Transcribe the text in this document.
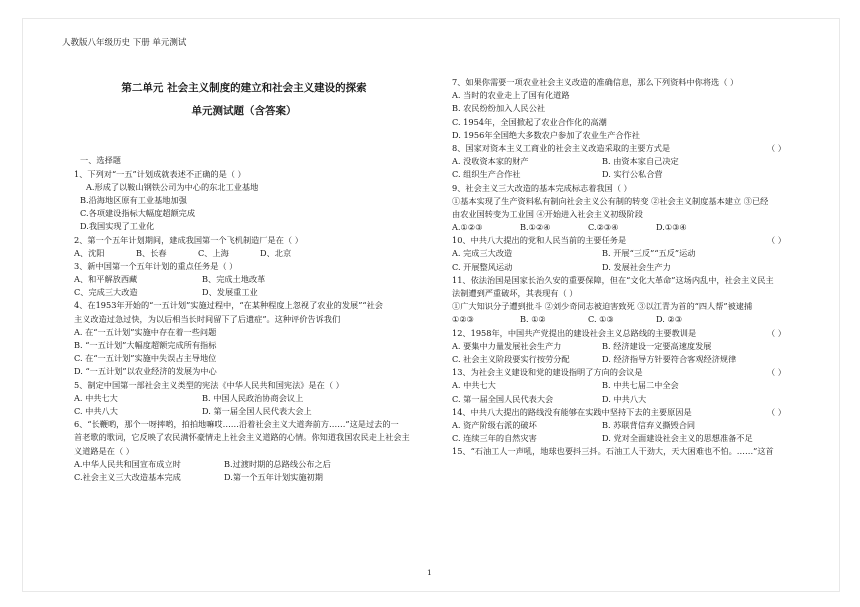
人教版八年级历史 下册 单元测试
第二单元 社会主义制度的建立和社会主义建设的探索
单元测试题（含答案）
一、选择题
1、下列对“一五”计划成就表述不正确的是（ ）
A.形成了以鞍山钢铁公司为中心的东北工业基地
B.沿海地区原有工业基地加强
C.各项建设指标大幅度超额完成
D.我国实现了工业化
2、第一个五年计划期间，建成我国第一个飞机制造厂是在（ ）
A、沈阳	B、长春	C、上海	D、北京
3、新中国第一个五年计划的重点任务是（ ）
A、和平解放西藏	B、完成土地改革
C、完成三大改造	D、发展重工业
4、在1953年开始的“一五计划”实施过程中，“在某种程度上忽视了农业的发展”“社会
主义改造过急过快，为以后相当长时间留下了后遗症”。这种评价告诉我们
A. 在“一五计划”实施中存在着一些问题
B. “一五计划”大幅度超额完成所有指标
C. 在“一五计划”实施中失误占主导地位
D. “一五计划”以农业经济的发展为中心
5、制定中国第一部社会主义类型的宪法《中华人民共和国宪法》是在（ ）
A. 中共七大	B. 中国人民政治协商会议上
C. 中共八大	D. 第一届全国人民代表大会上
6、“长鞭哟，那个一呀摔哟，拍拍地嘛哎……沿着社会主义大道奔前方……”这是过去的一
首老歌的歌词，它反映了农民满怀豪情走上社会主义道路的心情。你知道我国农民走上社会主
义道路是在（ ）
A.中华人民共和国宣布成立时	B.过渡时期的总路线公布之后
C.社会主义三大改造基本完成	D.第一个五年计划实施初期
7、如果你需要一项农业社会主义改造的准确信息，那么下列资料中你将选（ ）
A. 当时的农业走上了国有化道路
B. 农民纷纷加入人民公社
C. 1954年，全国掀起了农业合作化的高潮
D. 1956年全国绝大多数农户参加了农业生产合作社
8、国家对资本主义工商业的社会主义改造采取的主要方式是	（ ）
A. 没收资本家的财产	B. 由资本家自己决定
C. 组织生产合作社	D. 实行公私合营
9、社会主义三大改造的基本完成标志着我国（ ）
①基本实现了生产资料私有制向社会主义公有制的转变 ②社会主义制度基本建立 ③已经
由农业国转变为工业国 ④开始进入社会主义初级阶段
A.①②③	B.①②④	C.②③④	D.①③④
10、中共八大提出的党和人民当前的主要任务是	（ ）
A. 完成三大改造	B. 开展“三反”“五反”运动
C. 开展整风运动	D. 发展社会生产力
11、依法治国是国家长治久安的重要保障，但在“文化大革命”这场内乱中，社会主义民主
法制遭到严重破坏，其表现有（ ）
①广大知识分子遭到批斗 ②刘少奇同志被迫害致死 ③以江青为首的“四人帮”被逮捕
①②③	B. ①②	C. ①③	D. ②③
12、1958年，中国共产党提出的建设社会主义总路线的主要教训是	（ ）
A. 要集中力量发展社会生产力	B. 经济建设一定要高速度发展
C. 社会主义阶段要实行按劳分配	D. 经济指导方针要符合客观经济规律
13、为社会主义建设和党的建设指明了方向的会议是	（ ）
A. 中共七大	B. 中共七届二中全会
C. 第一届全国人民代表大会	D. 中共八大
14、中共八大提出的路线没有能够在实践中坚持下去的主要原因是	（ ）
A. 资产阶级右派的破坏	B. 苏联背信弃义撕毁合同
C. 连续三年的自然灾害	D. 党对全面建设社会主义的思想准备不足
15、“石油工人一声吼，地球也要抖三抖。石油工人干劲大，天大困难也不怕。……”这首
1
